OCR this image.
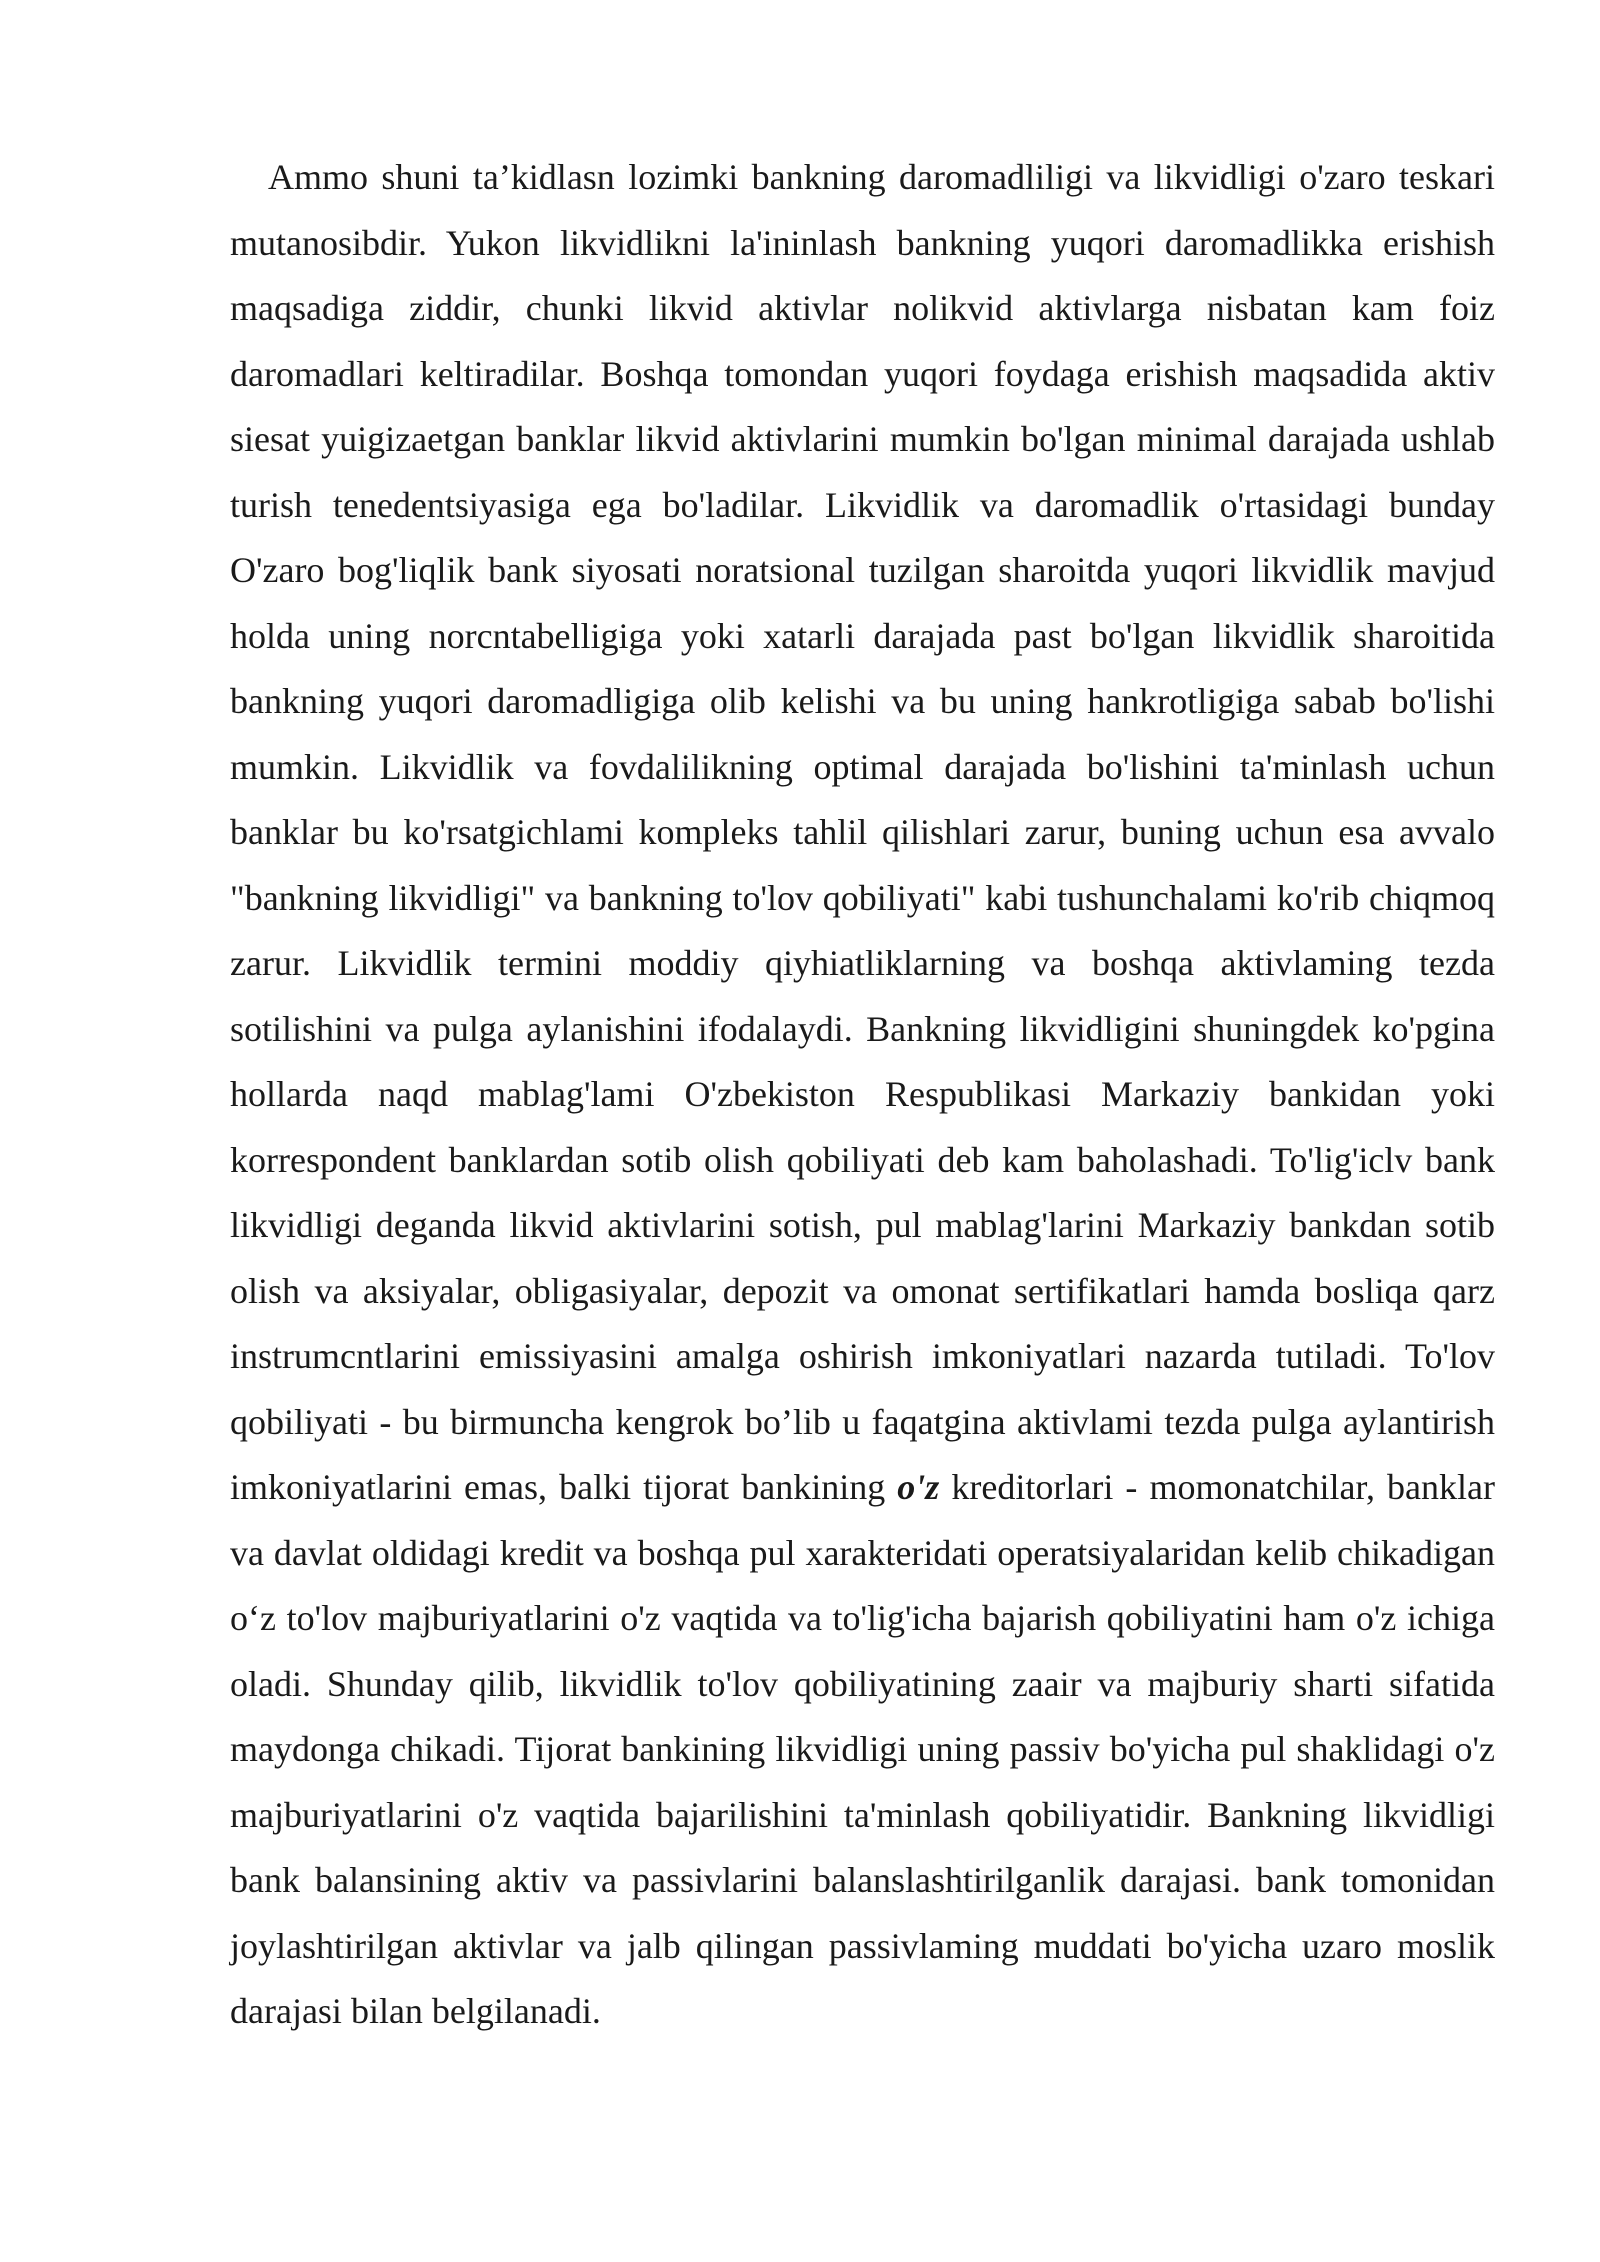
Ammo shuni ta’kidlasn lozimki bankning daromadliligi va likvidligi o'zaro teskari mutanosibdir. Yukon likvidlikni la'ininlash bankning yuqori daromadlikka erishish maqsadiga ziddir, chunki likvid aktivlar nolikvid aktivlarga nisbatan kam foiz daromadlari keltiradilar. Boshqa tomondan yuqori foydaga erishish maqsadida aktiv siesat yuigizaetgan banklar likvid aktivlarini mumkin bo'lgan minimal darajada ushlab turish tenedentsiyasiga ega bo'ladilar. Likvidlik va daromadlik o'rtasidagi bunday O'zaro bog'liqlik bank siyosati noratsional tuzilgan sharoitda yuqori likvidlik mavjud holda uning norcntabelligiga yoki xatarli darajada past bo'lgan likvidlik sharoitida bankning yuqori daromadligiga olib kelishi va bu uning hankrotligiga sabab bo'lishi mumkin. Likvidlik va fovdalilikning optimal darajada bo'lishini ta'minlash uchun banklar bu ko'rsatgichlami kompleks tahlil qilishlari zarur, buning uchun esa avvalo "bankning likvidligi" va bankning to'lov qobiliyati" kabi tushunchalami ko'rib chiqmoq zarur. Likvidlik termini moddiy qiyhiatliklarning va boshqa aktivlaming tezda sotilishini va pulga aylanishini ifodalaydi. Bankning likvidligini shuningdek ko'pgina hollarda naqd mablag'lami O'zbekiston Respublikasi Markaziy bankidan yoki korrespondent banklardan sotib olish qobiliyati deb kam baholashadi. To'lig'iclv bank likvidligi deganda likvid aktivlarini sotish, pul mablag'larini Markaziy bankdan sotib olish va aksiyalar, obligasiyalar, depozit va omonat sertifikatlari hamda bosliqa qarz instrumcntlarini emissiyasini amalga oshirish imkoniyatlari nazarda tutiladi. To'lov qobiliyati - bu birmuncha kengrok bo’lib u faqatgina aktivlami tezda pulga aylantirish imkoniyatlarini emas, balki tijorat bankining o'z kreditorlari - momonatchilar, banklar va davlat oldidagi kredit va boshqa pul xarakteridati operatsiyalaridan kelib chikadigan o‘z to'lov majburiyatlarini o'z vaqtida va to'lig'icha bajarish qobiliyatini ham o'z ichiga oladi. Shunday qilib, likvidlik to'lov qobiliyatining zaair va majburiy sharti sifatida maydonga chikadi. Tijorat bankining likvidligi uning passiv bo'yicha pul shaklidagi o'z majburiyatlarini o'z vaqtida bajarilishini ta'minlash qobiliyatidir. Bankning likvidligi bank balansining aktiv va passivlarini balanslashtirilganlik darajasi. bank tomonidan joylashtirilgan aktivlar va jalb qilingan passivlaming muddati bo'yicha uzaro moslik darajasi bilan belgilanadi.
